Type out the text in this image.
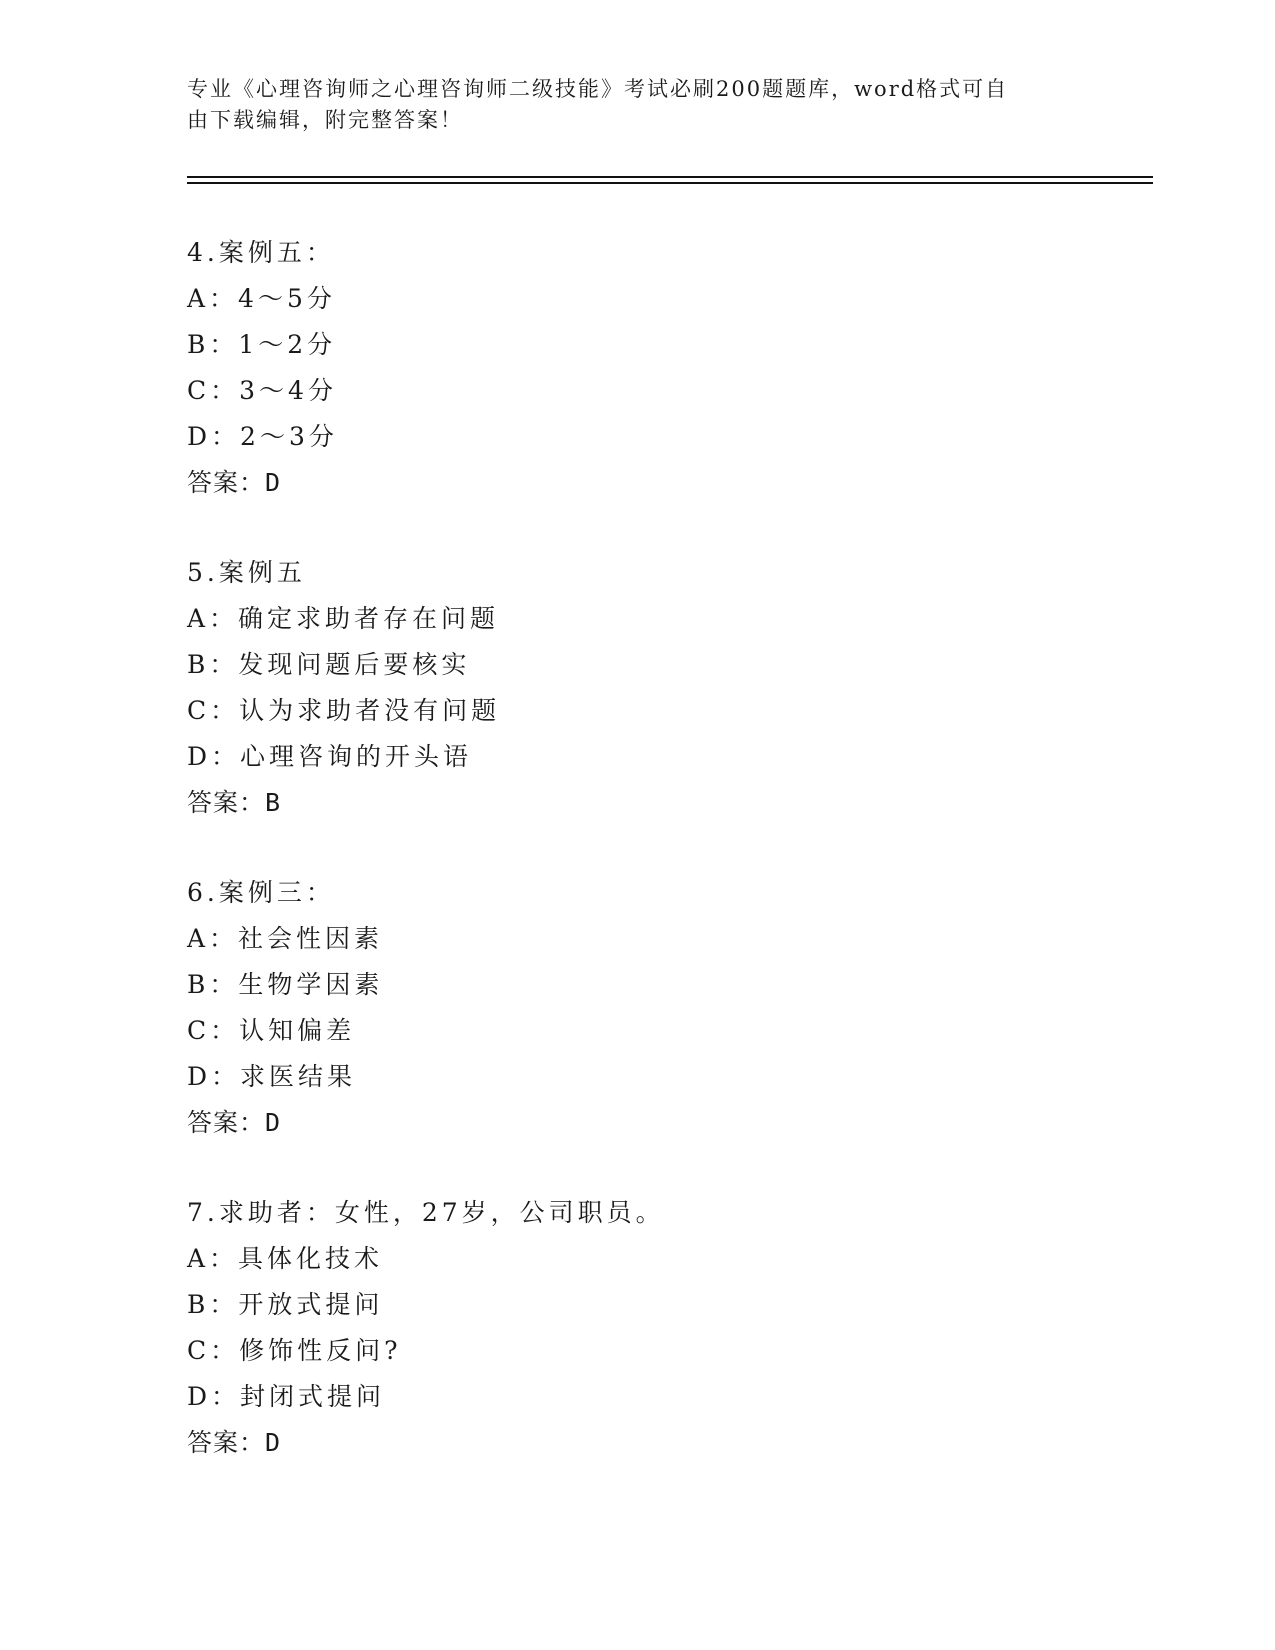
专业《心理咨询师之心理咨询师二级技能》考试必刷200题题库，word格式可自
由下载编辑，附完整答案！
4.案例五：
A：4～5分
B：1～2分
C：3～4分
D：2～3分
答案：D
5.案例五
A：确定求助者存在问题
B：发现问题后要核实
C：认为求助者没有问题
D：心理咨询的开头语
答案：B
6.案例三：
A：社会性因素
B：生物学因素
C：认知偏差
D：求医结果
答案：D
7.求助者：女性，27岁，公司职员。
A：具体化技术
B：开放式提问
C：修饰性反问?
D：封闭式提问
答案：D
